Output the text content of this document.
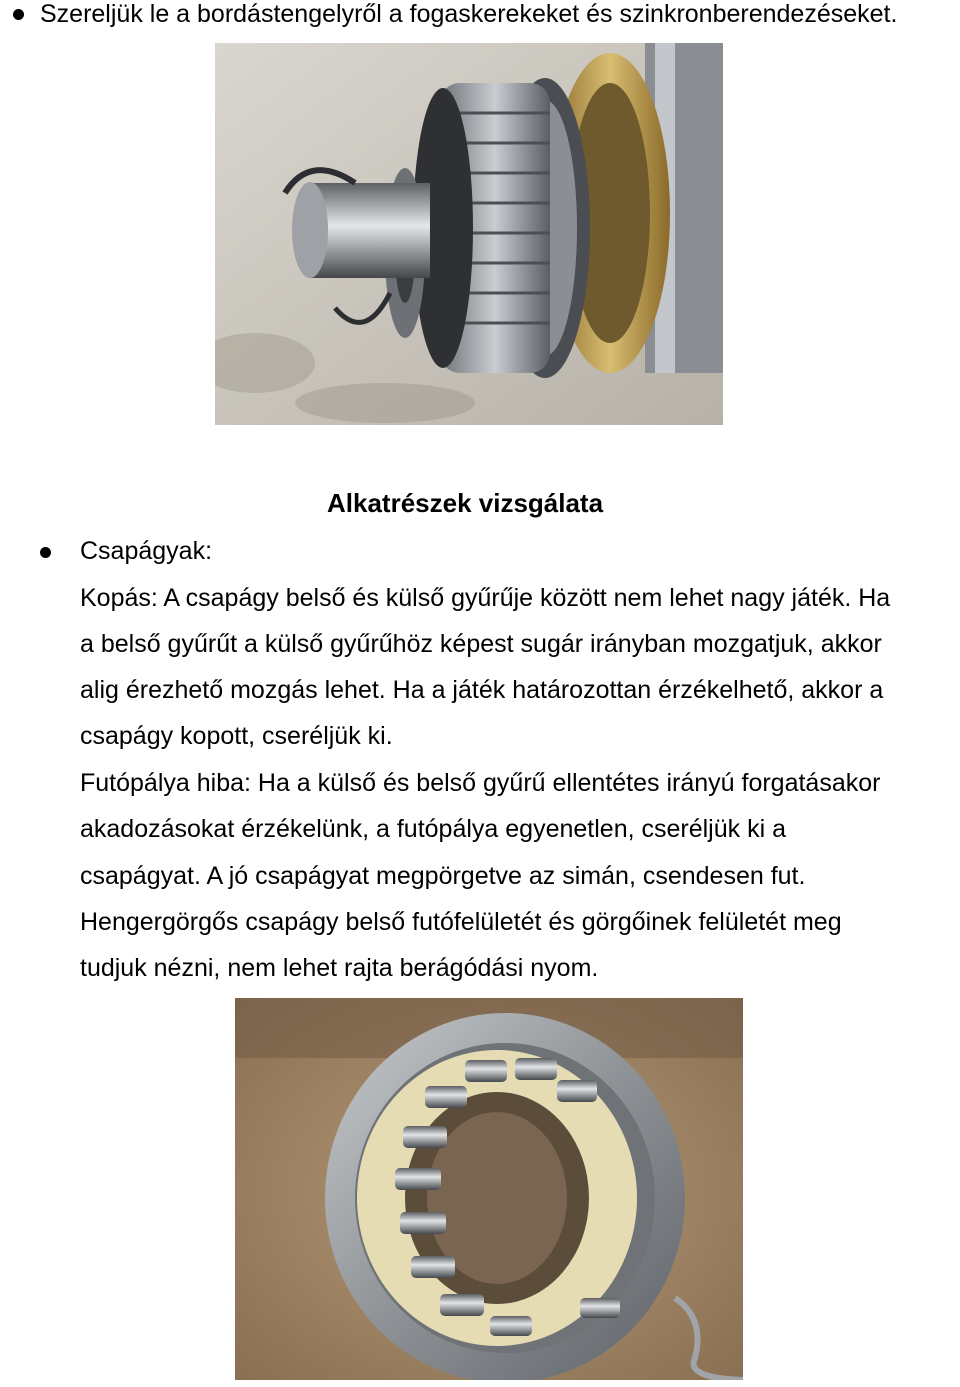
Szereljük le a bordástengelyről a fogaskerekeket és szinkronberendezéseket.
Alkatrészek vizsgálata
Csapágyak:
Kopás: A csapágy belső és külső gyűrűje között nem lehet nagy játék. Ha
a belső gyűrűt a külső gyűrűhöz képest sugár irányban mozgatjuk, akkor
alig érezhető mozgás lehet. Ha a játék határozottan érzékelhető, akkor a
csapágy kopott, cseréljük ki.
Futópálya hiba: Ha a külső és belső gyűrű ellentétes irányú forgatásakor
akadozásokat érzékelünk, a futópálya egyenetlen, cseréljük ki a
csapágyat. A jó csapágyat megpörgetve az simán, csendesen fut.
Hengergörgős csapágy belső futófelületét és görgőinek felületét meg
tudjuk nézni, nem lehet rajta berágódási nyom.
